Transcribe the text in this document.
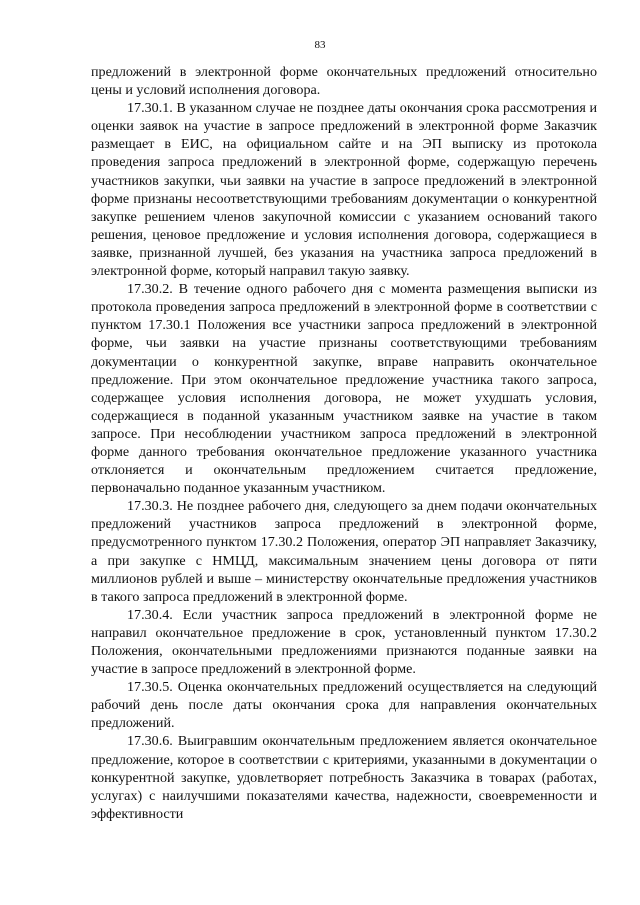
83

предложений в электронной форме окончательных предложений относительно цены и условий исполнения договора.

17.30.1. В указанном случае не позднее даты окончания срока рассмотрения и оценки заявок на участие в запросе предложений в электронной форме Заказчик размещает в ЕИС, на официальном сайте и на ЭП выписку из протокола проведения запроса предложений в электронной форме, содержащую перечень участников закупки, чьи заявки на участие в запросе предложений в электронной форме признаны несоответствующими требованиям документации о конкурентной закупке решением членов закупочной комиссии с указанием оснований такого решения, ценовое предложение и условия исполнения договора, содержащиеся в заявке, признанной лучшей, без указания на участника запроса предложений в электронной форме, который направил такую заявку.

17.30.2. В течение одного рабочего дня с момента размещения выписки из протокола проведения запроса предложений в электронной форме в соответствии с пунктом 17.30.1 Положения все участники запроса предложений в электронной форме, чьи заявки на участие признаны соответствующими требованиям документации о конкурентной закупке, вправе направить окончательное предложение. При этом окончательное предложение участника такого запроса, содержащее условия исполнения договора, не может ухудшать условия, содержащиеся в поданной указанным участником заявке на участие в таком запросе. При несоблюдении участником запроса предложений в электронной форме данного требования окончательное предложение указанного участника отклоняется и окончательным предложением считается предложение, первоначально поданное указанным участником.

17.30.3. Не позднее рабочего дня, следующего за днем подачи окончательных предложений участников запроса предложений в электронной форме, предусмотренного пунктом 17.30.2 Положения, оператор ЭП направляет Заказчику, а при закупке с НМЦД, максимальным значением цены договора от пяти миллионов рублей и выше – министерству окончательные предложения участников в такого запроса предложений в электронной форме.

17.30.4. Если участник запроса предложений в электронной форме не направил окончательное предложение в срок, установленный пунктом 17.30.2 Положения, окончательными предложениями признаются поданные заявки на участие в запросе предложений в электронной форме.

17.30.5. Оценка окончательных предложений осуществляется на следующий рабочий день после даты окончания срока для направления окончательных предложений.

17.30.6. Выигравшим окончательным предложением является окончательное предложение, которое в соответствии с критериями, указанными в документации о конкурентной закупке, удовлетворяет потребность Заказчика в товарах (работах, услугах) с наилучшими показателями качества, надежности, своевременности и эффективности
